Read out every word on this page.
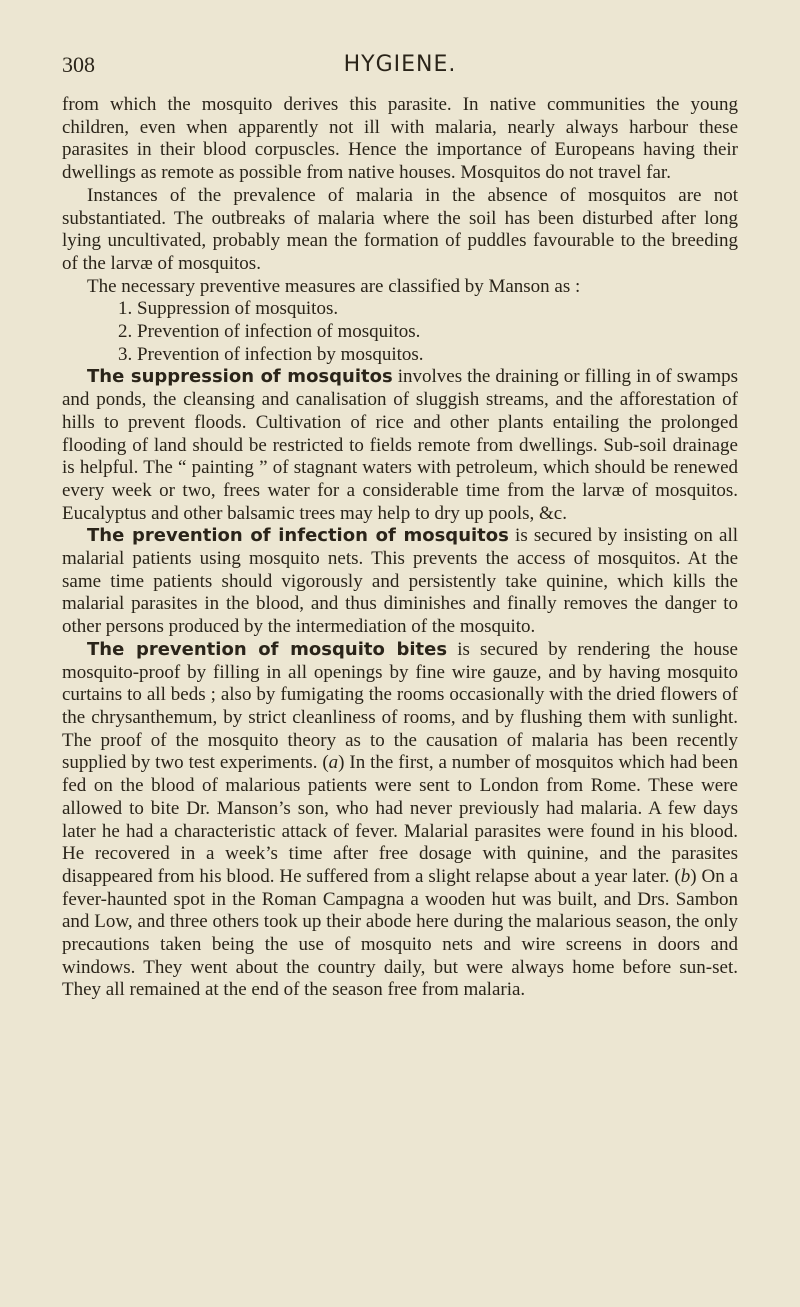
308	HYGIENE.

from which the mosquito derives this parasite. In native communities the young children, even when apparently not ill with malaria, nearly always harbour these parasites in their blood corpuscles. Hence the importance of Europeans having their dwellings as remote as possible from native houses. Mosquitos do not travel far.

Instances of the prevalence of malaria in the absence of mosquitos are not substantiated. The outbreaks of malaria where the soil has been disturbed after long lying uncultivated, probably mean the formation of puddles favourable to the breeding of the larvæ of mosquitos.

The necessary preventive measures are classified by Manson as :

1. Suppression of mosquitos.
2. Prevention of infection of mosquitos.
3. Prevention of infection by mosquitos.

The suppression of mosquitos involves the draining or filling in of swamps and ponds, the cleansing and canalisation of sluggish streams, and the afforestation of hills to prevent floods. Cultivation of rice and other plants entailing the prolonged flooding of land should be restricted to fields remote from dwellings. Sub-soil drainage is helpful. The “ painting ” of stagnant waters with petroleum, which should be renewed every week or two, frees water for a considerable time from the larvæ of mosquitos. Eucalyptus and other balsamic trees may help to dry up pools, &c.

The prevention of infection of mosquitos is secured by insisting on all malarial patients using mosquito nets. This prevents the access of mosquitos. At the same time patients should vigorously and persistently take quinine, which kills the malarial parasites in the blood, and thus diminishes and finally removes the danger to other persons produced by the intermediation of the mosquito.

The prevention of mosquito bites is secured by rendering the house mosquito-proof by filling in all openings by fine wire gauze, and by having mosquito curtains to all beds ; also by fumigating the rooms occasionally with the dried flowers of the chrysanthemum, by strict cleanliness of rooms, and by flushing them with sunlight. The proof of the mosquito theory as to the causation of malaria has been recently supplied by two test experiments. (a) In the first, a number of mosquitos which had been fed on the blood of malarious patients were sent to London from Rome. These were allowed to bite Dr. Manson’s son, who had never previously had malaria. A few days later he had a characteristic attack of fever. Malarial parasites were found in his blood. He recovered in a week’s time after free dosage with quinine, and the parasites disappeared from his blood. He suffered from a slight relapse about a year later. (b) On a fever-haunted spot in the Roman Campagna a wooden hut was built, and Drs. Sambon and Low, and three others took up their abode here during the malarious season, the only precautions taken being the use of mosquito nets and wire screens in doors and windows. They went about the country daily, but were always home before sun-set. They all remained at the end of the season free from malaria.
